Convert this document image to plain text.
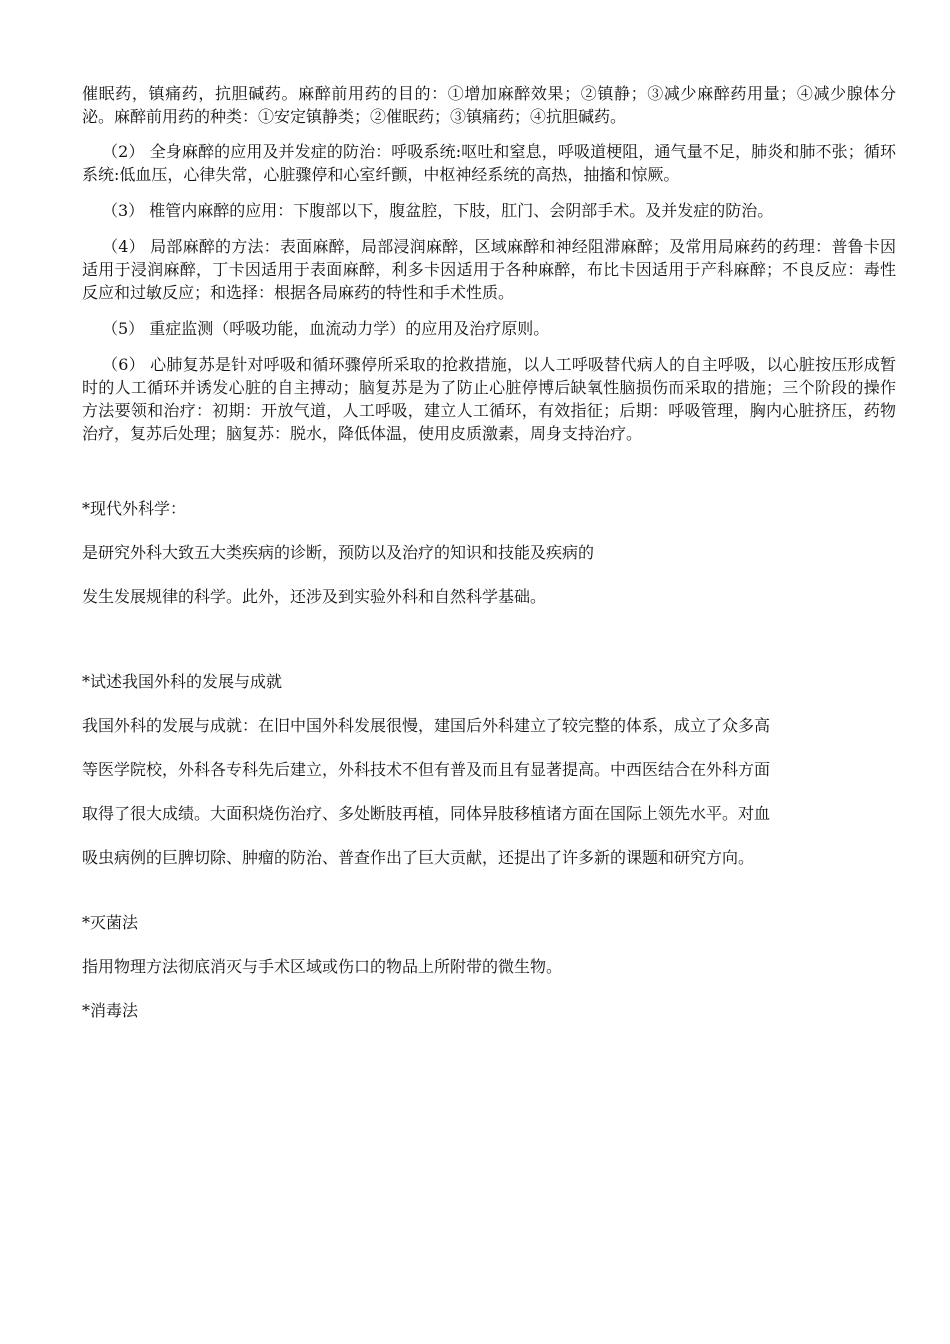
催眠药，镇痛药，抗胆碱药。麻醉前用药的目的：①增加麻醉效果；②镇静；③减少麻醉药用量；④减少腺体分泌。麻醉前用药的种类：①安定镇静类；②催眠药；③镇痛药；④抗胆碱药。

（2） 全身麻醉的应用及并发症的防治：呼吸系统:呕吐和窒息，呼吸道梗阻，通气量不足，肺炎和肺不张；循环系统:低血压，心律失常，心脏骤停和心室纤颤，中枢神经系统的高热，抽搐和惊厥。

（3） 椎管内麻醉的应用：下腹部以下，腹盆腔，下肢，肛门、会阴部手术。及并发症的防治。

（4） 局部麻醉的方法：表面麻醉，局部浸润麻醉，区域麻醉和神经阻滞麻醉；及常用局麻药的药理：普鲁卡因适用于浸润麻醉，丁卡因适用于表面麻醉，利多卡因适用于各种麻醉，布比卡因适用于产科麻醉；不良反应：毒性反应和过敏反应；和选择：根据各局麻药的特性和手术性质。

（5） 重症监测（呼吸功能，血流动力学）的应用及治疗原则。

（6） 心肺复苏是针对呼吸和循环骤停所采取的抢救措施，以人工呼吸替代病人的自主呼吸，以心脏按压形成暂时的人工循环并诱发心脏的自主搏动；脑复苏是为了防止心脏停博后缺氧性脑损伤而采取的措施；三个阶段的操作方法要领和治疗：初期：开放气道，人工呼吸，建立人工循环，有效指征；后期：呼吸管理，胸内心脏挤压，药物治疗，复苏后处理；脑复苏：脱水，降低体温，使用皮质激素，周身支持治疗。

*现代外科学：

是研究外科大致五大类疾病的诊断，预防以及治疗的知识和技能及疾病的

发生发展规律的科学。此外，还涉及到实验外科和自然科学基础。

*试述我国外科的发展与成就

我国外科的发展与成就：在旧中国外科发展很慢，建国后外科建立了较完整的体系，成立了众多高
等医学院校，外科各专科先后建立，外科技术不但有普及而且有显著提高。中西医结合在外科方面
取得了很大成绩。大面积烧伤治疗、多处断肢再植，同体异肢移植诸方面在国际上领先水平。对血
吸虫病例的巨脾切除、肿瘤的防治、普查作出了巨大贡献，还提出了许多新的课题和研究方向。

*灭菌法

指用物理方法彻底消灭与手术区域或伤口的物品上所附带的微生物。

*消毒法
